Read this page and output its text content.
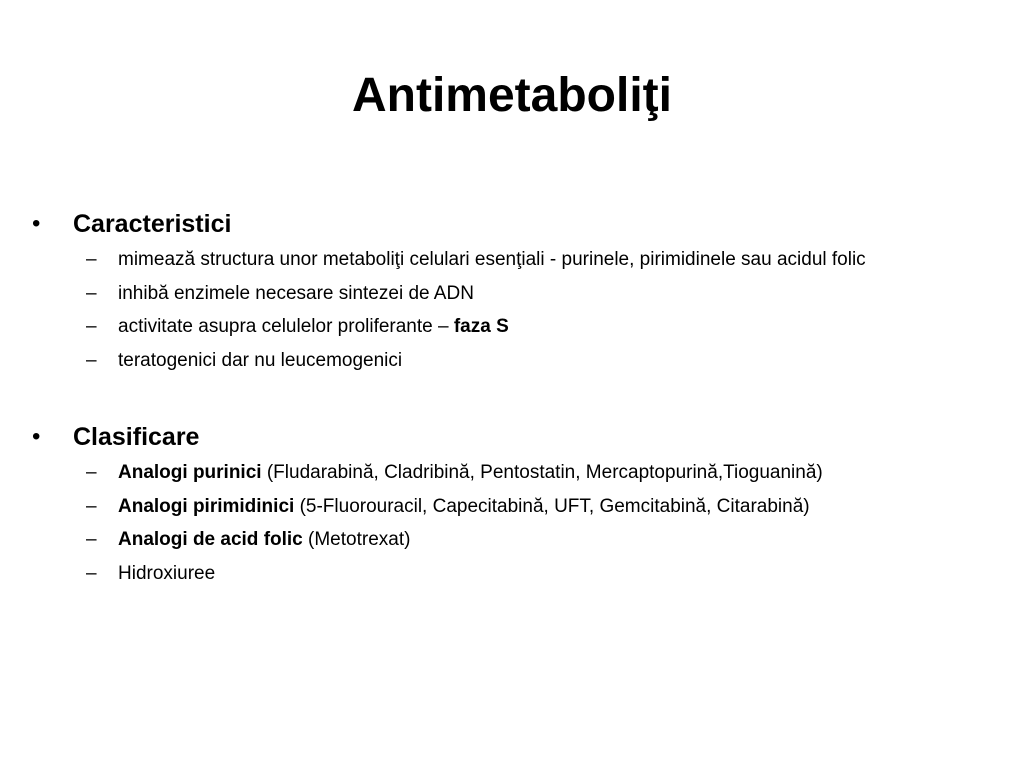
Antimetaboliţi
• Caracteristici
– mimează structura unor metaboliţi celulari esenţiali - purinele, pirimidinele sau acidul folic
– inhibă enzimele necesare sintezei de ADN
– activitate asupra celulelor proliferante – faza S
– teratogenici dar nu leucemogenici
• Clasificare
– Analogi purinici (Fludarabină, Cladribină, Pentostatin, Mercaptopurină,Tioguanină)
– Analogi pirimidinici (5-Fluorouracil, Capecitabină, UFT, Gemcitabină, Citarabină)
– Analogi de acid folic (Metotrexat)
– Hidroxiuree
